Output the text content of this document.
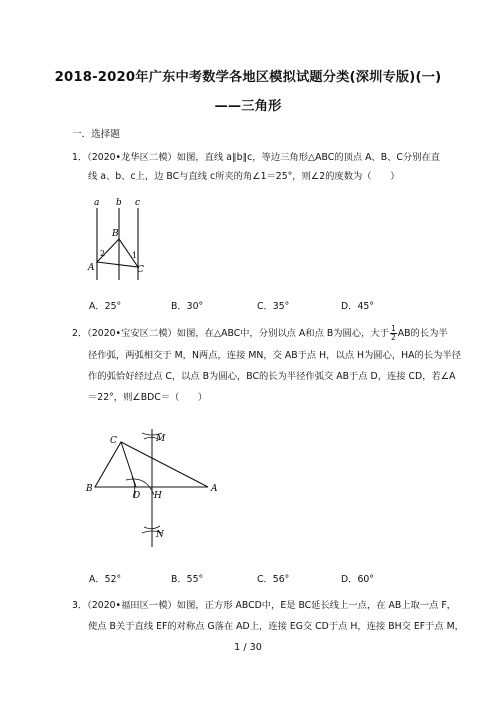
2018-2020年广东中考数学各地区模拟试题分类(深圳专版)(一)
——三角形
一．选择题
1．（2020•龙华区二模）如图，直线 a∥b∥c，等边三角形△ABC的顶点 A、B、C分别在直
线 a、b、c上，边 BC与直线 c所夹的角∠1＝25°，则∠2的度数为（　　）
a b c
B
A	C
2	1
A．25°	B．30°	C．35°	D．45°
2．（2020•宝安区二模）如图，在△ABC中，分别以点 A和点 B为圆心，大于 $\frac{1}{2}$ AB的长为半
径作弧，两弧相交于 M，N两点，连接 MN，交 AB于点 H，以点 H为圆心，HA的长为半径
作的弧恰好经过点 C，以点 B为圆心，BC的长为半径作弧交 AB于点 D，连接 CD，若∠A
＝22°，则∠BDC＝（　　）
C	M
B
D H
A
N
A．52°	B．55°	C．56°	D．60°
3．（2020•福田区一模）如图，正方形 ABCD中，E是 BC延长线上一点，在 AB上取一点 F，
使点 B关于直线 EF的对称点 G落在 AD上，连接 EG交 CD于点 H，连接 BH交 EF于点 M，
1 / 30
